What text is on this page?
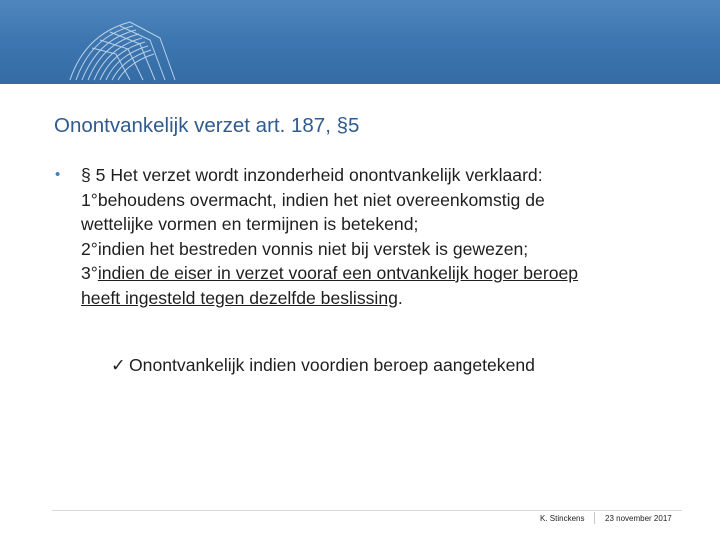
Onontvankelijk verzet art. 187, §5
•	§ 5 Het verzet wordt inzonderheid onontvankelijk verklaard:
1°behoudens overmacht, indien het niet overeenkomstig de
wettelijke vormen en termijnen is betekend;
2°indien het bestreden vonnis niet bij verstek is gewezen;
3°indien de eiser in verzet vooraf een ontvankelijk hoger beroep
heeft ingesteld tegen dezelfde beslissing.
✓ Onontvankelijk indien voordien beroep aangetekend
K. Stinckens	23 november 2017
